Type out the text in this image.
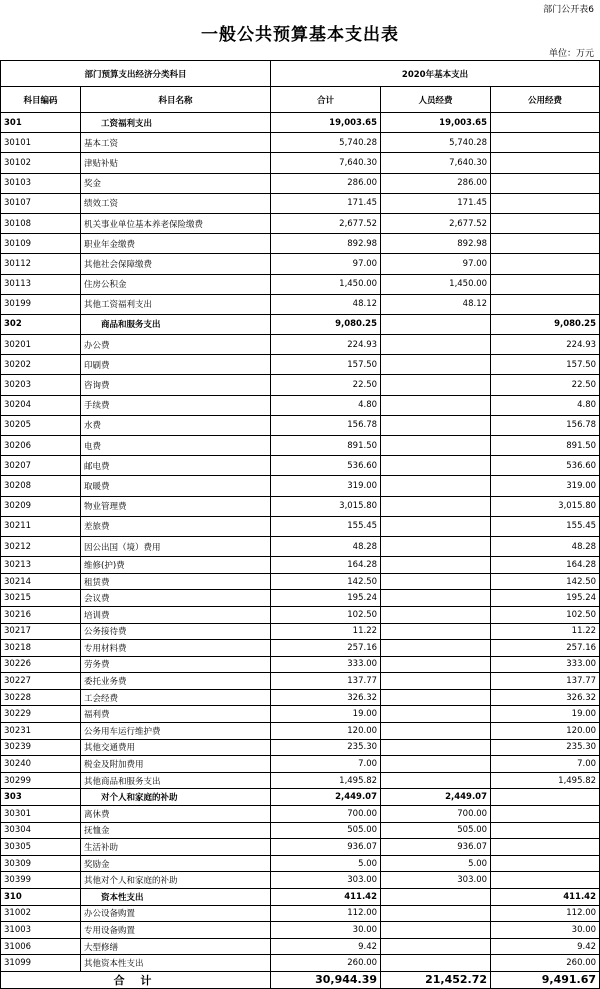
部门公开表6
一般公共预算基本支出表
单位：万元
部门预算支出经济分类科目		2020年基本支出		
科目编码	科目名称	合计	人员经费	公用经费
301	工资福利支出	19,003.65	19,003.65	
30101	基本工资	5,740.28	5,740.28	
30102	津贴补贴	7,640.30	7,640.30	
30103	奖金	286.00	286.00	
30107	绩效工资	171.45	171.45	
30108	机关事业单位基本养老保险缴费	2,677.52	2,677.52	
30109	职业年金缴费	892.98	892.98	
30112	其他社会保障缴费	97.00	97.00	
30113	住房公积金	1,450.00	1,450.00	
30199	其他工资福利支出	48.12	48.12	
302	商品和服务支出	9,080.25		9,080.25
30201	办公费	224.93		224.93
30202	印刷费	157.50		157.50
30203	咨询费	22.50		22.50
30204	手续费	4.80		4.80
30205	水费	156.78		156.78
30206	电费	891.50		891.50
30207	邮电费	536.60		536.60
30208	取暖费	319.00		319.00
30209	物业管理费	3,015.80		3,015.80
30211	差旅费	155.45		155.45
30212	因公出国（境）费用	48.28		48.28
30213	维修(护)费	164.28		164.28
30214	租赁费	142.50		142.50
30215	会议费	195.24		195.24
30216	培训费	102.50		102.50
30217	公务接待费	11.22		11.22
30218	专用材料费	257.16		257.16
30226	劳务费	333.00		333.00
30227	委托业务费	137.77		137.77
30228	工会经费	326.32		326.32
30229	福利费	19.00		19.00
30231	公务用车运行维护费	120.00		120.00
30239	其他交通费用	235.30		235.30
30240	税金及附加费用	7.00		7.00
30299	其他商品和服务支出	1,495.82		1,495.82
303	对个人和家庭的补助	2,449.07	2,449.07	
30301	离休费	700.00	700.00	
30304	抚恤金	505.00	505.00	
30305	生活补助	936.07	936.07	
30309	奖励金	5.00	5.00	
30399	其他对个人和家庭的补助	303.00	303.00	
310	资本性支出	411.42		411.42
31002	办公设备购置	112.00		112.00
31003	专用设备购置	30.00		30.00
31006	大型修缮	9.42		9.42
31099	其他资本性支出	260.00		260.00
合 计		30,944.39	21,452.72	9,491.67
